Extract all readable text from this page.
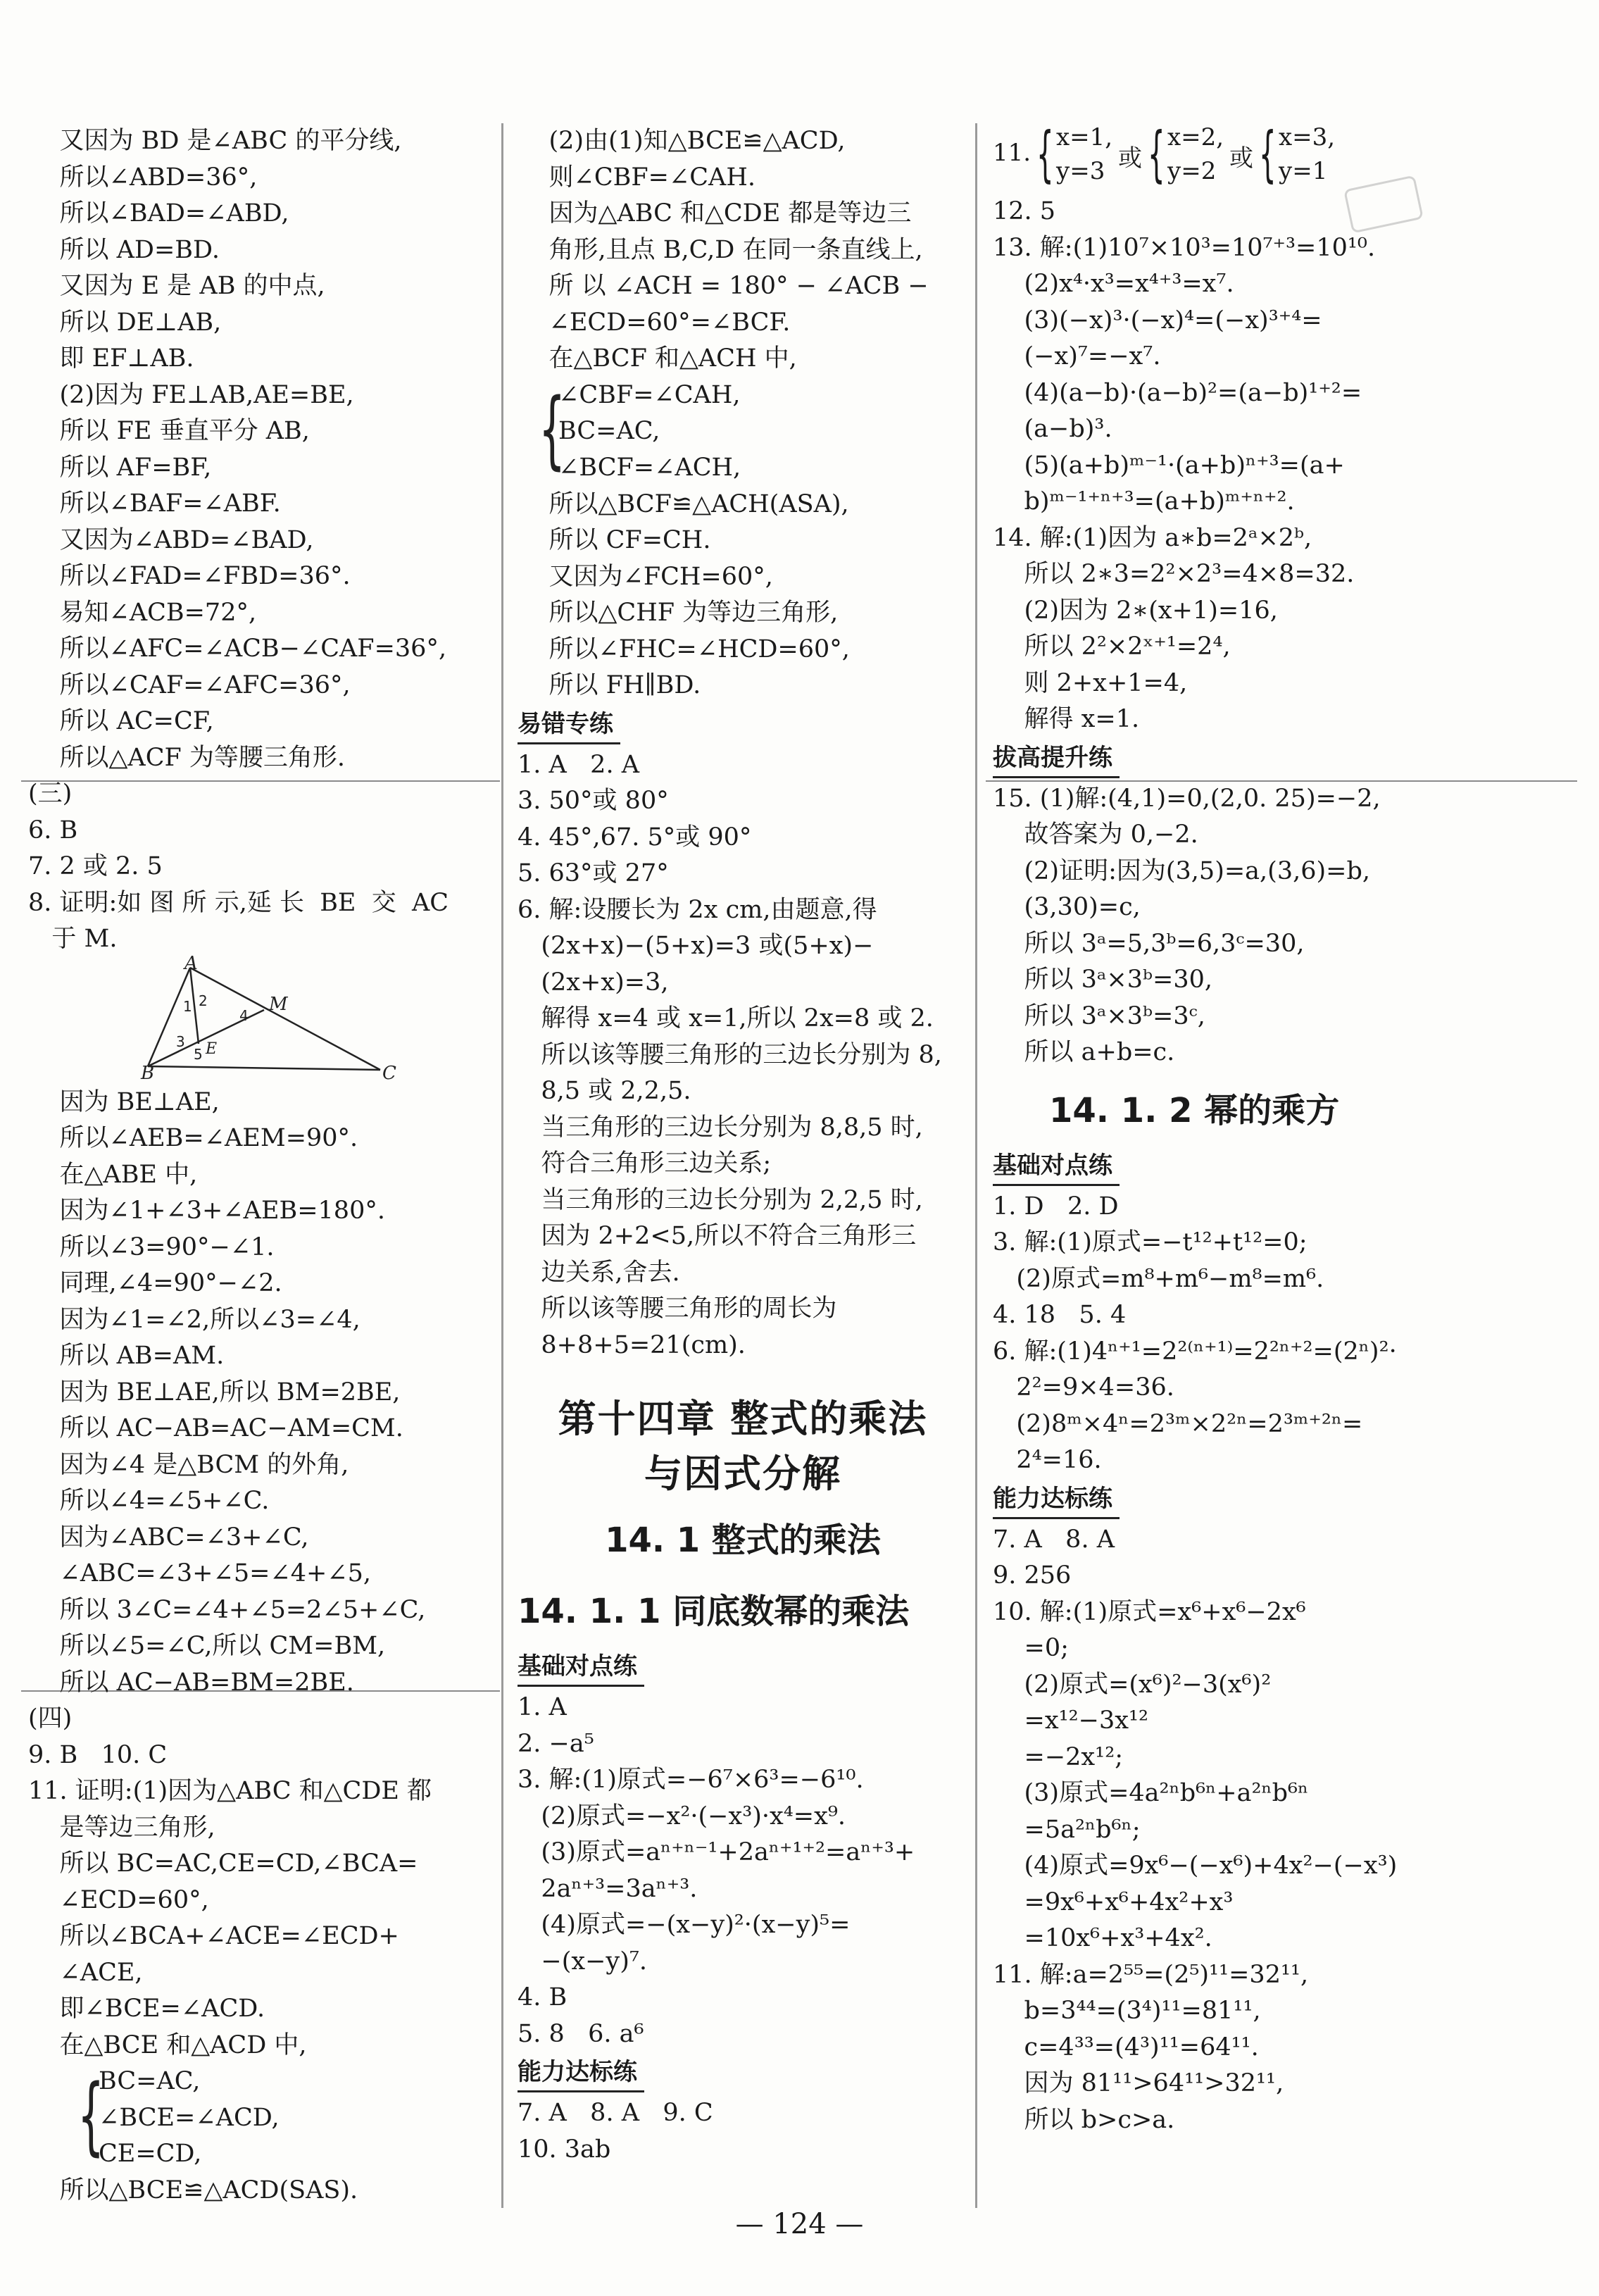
又因为 BD 是∠ABC 的平分线,
所以∠ABD=36°,
所以∠BAD=∠ABD,
所以 AD=BD.
又因为 E 是 AB 的中点,
所以 DE⊥AB,
即 EF⊥AB.
(2)因为 FE⊥AB,AE=BE,
所以 FE 垂直平分 AB,
所以 AF=BF,
所以∠BAF=∠ABF.
又因为∠ABD=∠BAD,
所以∠FAD=∠FBD=36°.
易知∠ACB=72°,
所以∠AFC=∠ACB−∠CAF=36°,
所以∠CAF=∠AFC=36°,
所以 AC=CF,
所以△ACF 为等腰三角形.
(三)
6. B
7. 2 或 2. 5
8. 证明:如 图 所 示,延 长  BE  交  AC
于 M.
A
B	C
M
E
1 2
3
4
5
因为 BE⊥AE,
所以∠AEB=∠AEM=90°.
在△ABE 中,
因为∠1+∠3+∠AEB=180°.
所以∠3=90°−∠1.
同理,∠4=90°−∠2.
因为∠1=∠2,所以∠3=∠4,
所以 AB=AM.
因为 BE⊥AE,所以 BM=2BE,
所以 AC−AB=AC−AM=CM.
因为∠4 是△BCM 的外角,
所以∠4=∠5+∠C.
因为∠ABC=∠3+∠C,
∠ABC=∠3+∠5=∠4+∠5,
所以 3∠C=∠4+∠5=2∠5+∠C,
所以∠5=∠C,所以 CM=BM,
所以 AC−AB=BM=2BE.
(四)
9. B   10. C
11. 证明:(1)因为△ABC 和△CDE 都
是等边三角形,
所以 BC=AC,CE=CD,∠BCA=
∠ECD=60°,
所以∠BCA+∠ACE=∠ECD+
∠ACE,
即∠BCE=∠ACD.
在△BCE 和△ACD 中,
{
BC=AC,
∠BCE=∠ACD,
CE=CD,
所以△BCE≌△ACD(SAS).
(2)由(1)知△BCE≌△ACD,
则∠CBF=∠CAH.
因为△ABC 和△CDE 都是等边三
角形,且点 B,C,D 在同一条直线上,
所 以 ∠ACH = 180° − ∠ACB −
∠ECD=60°=∠BCF.
在△BCF 和△ACH 中,
{
∠CBF=∠CAH,
BC=AC,
∠BCF=∠ACH,
所以△BCF≌△ACH(ASA),
所以 CF=CH.
又因为∠FCH=60°,
所以△CHF 为等边三角形,
所以∠FHC=∠HCD=60°,
所以 FH∥BD.
易错专练
1. A   2. A
3. 50°或 80°
4. 45°,67. 5°或 90°
5. 63°或 27°
6. 解:设腰长为 2x cm,由题意,得
(2x+x)−(5+x)=3 或(5+x)−
(2x+x)=3,
解得 x=4 或 x=1,所以 2x=8 或 2.
所以该等腰三角形的三边长分别为 8,
8,5 或 2,2,5.
当三角形的三边长分别为 8,8,5 时,
符合三角形三边关系;
当三角形的三边长分别为 2,2,5 时,
因为 2+2<5,所以不符合三角形三
边关系,舍去.
所以该等腰三角形的周长为
8+8+5=21(cm).
第十四章 整式的乘法
与因式分解
14. 1 整式的乘法
14. 1. 1 同底数幂的乘法
基础对点练
1. A
2. −a⁵
3. 解:(1)原式=−6⁷×6³=−6¹⁰.
(2)原式=−x²·(−x³)·x⁴=x⁹.
(3)原式=aⁿ⁺ⁿ⁻¹+2aⁿ⁺¹⁺²=aⁿ⁺³+
2aⁿ⁺³=3aⁿ⁺³.
(4)原式=−(x−y)²·(x−y)⁵=
−(x−y)⁷.
4. B
5. 8   6. a⁶
能力达标练
7. A   8. A   9. C
10. 3ab
11. { x=1,
y=3 或 { x=2,
y=2 或 { x=3,
y=1
12. 5
13. 解:(1)10⁷×10³=10⁷⁺³=10¹⁰.
(2)x⁴·x³=x⁴⁺³=x⁷.
(3)(−x)³·(−x)⁴=(−x)³⁺⁴=
(−x)⁷=−x⁷.
(4)(a−b)·(a−b)²=(a−b)¹⁺²=
(a−b)³.
(5)(a+b)ᵐ⁻¹·(a+b)ⁿ⁺³=(a+
b)ᵐ⁻¹⁺ⁿ⁺³=(a+b)ᵐ⁺ⁿ⁺².
14. 解:(1)因为 a∗b=2ᵃ×2ᵇ,
所以 2∗3=2²×2³=4×8=32.
(2)因为 2∗(x+1)=16,
所以 2²×2ˣ⁺¹=2⁴,
则 2+x+1=4,
解得 x=1.
拔高提升练
15. (1)解:(4,1)=0,(2,0. 25)=−2,
故答案为 0,−2.
(2)证明:因为(3,5)=a,(3,6)=b,
(3,30)=c,
所以 3ᵃ=5,3ᵇ=6,3ᶜ=30,
所以 3ᵃ×3ᵇ=30,
所以 3ᵃ×3ᵇ=3ᶜ,
所以 a+b=c.
14. 1. 2 幂的乘方
基础对点练
1. D   2. D
3. 解:(1)原式=−t¹²+t¹²=0;
(2)原式=m⁸+m⁶−m⁸=m⁶.
4. 18   5. 4
6. 解:(1)4ⁿ⁺¹=2²⁽ⁿ⁺¹⁾=2²ⁿ⁺²=(2ⁿ)²·
2²=9×4=36.
(2)8ᵐ×4ⁿ=2³ᵐ×2²ⁿ=2³ᵐ⁺²ⁿ=
2⁴=16.
能力达标练
7. A   8. A
9. 256
10. 解:(1)原式=x⁶+x⁶−2x⁶
=0;
(2)原式=(x⁶)²−3(x⁶)²
=x¹²−3x¹²
=−2x¹²;
(3)原式=4a²ⁿb⁶ⁿ+a²ⁿb⁶ⁿ
=5a²ⁿb⁶ⁿ;
(4)原式=9x⁶−(−x⁶)+4x²−(−x³)
=9x⁶+x⁶+4x²+x³
=10x⁶+x³+4x².
11. 解:a=2⁵⁵=(2⁵)¹¹=32¹¹,
b=3⁴⁴=(3⁴)¹¹=81¹¹,
c=4³³=(4³)¹¹=64¹¹.
因为 81¹¹>64¹¹>32¹¹,
所以 b>c>a.
— 124 —
